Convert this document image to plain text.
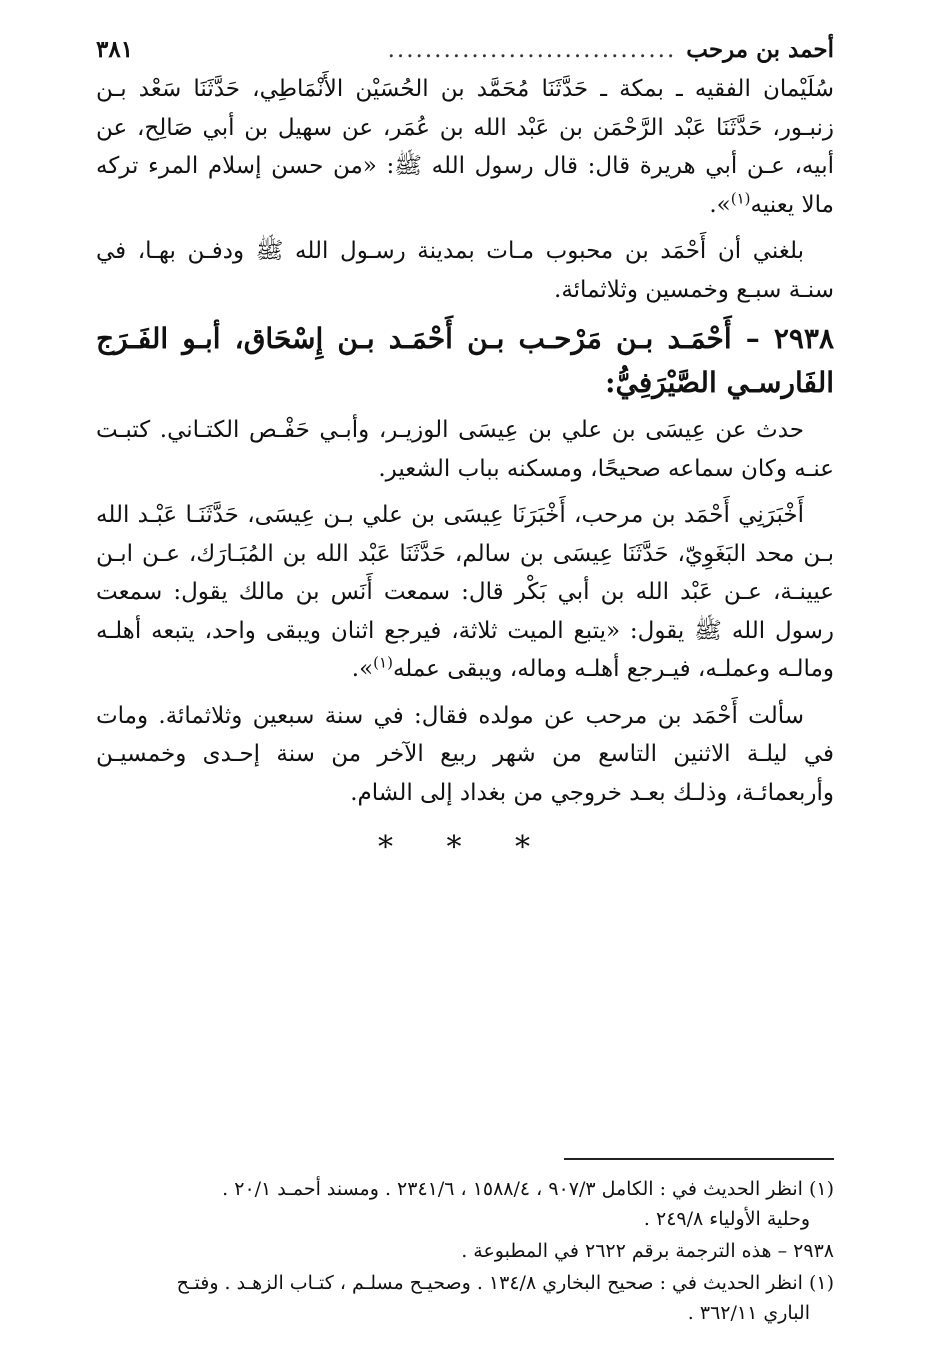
أحمد بن مرحب
...............................
٣٨١

سُلَيْمان الفقيه ـ بمكة ـ حَدَّثَنَا مُحَمَّد بن الحُسَيْن الأَنْمَاطِي، حَدَّثَنَا سَعْد بـن زنبـور، حَدَّثَنَا عَبْد الرَّحْمَن بن عَبْد الله بن عُمَر، عن سهيل بن أبي صَالِح، عن أبيه، عـن أبي هريرة قال: قال رسول الله ﷺ: «من حسن إسلام المرء تركه مالا يعنيه$^{(١)}$».

بلغني أن أَحْمَد بن محبوب مـات بمدينة رسـول الله ﷺ ودفـن بهـا، في سنـة سبـع وخمسين وثلاثمائة.

٢٩٣٨ – أَحْمَـد بـن مَرْحـب بـن أَحْمَـد بـن إِسْحَاق، أبـو الفَـرَج الفَارسـي الصَّيْرَفِيُّ:

حدث عن عِيسَى بن علي بن عِيسَى الوزيـر، وأبـي حَفْـص الكتـاني. كتبـت عنـه وكان سماعه صحيحًا، ومسكنه بباب الشعير.

أَخْبَرَنِي أَحْمَد بن مرحب، أَخْبَرَنَا عِيسَى بن علي بـن عِيسَى، حَدَّثَنَـا عَبْـد الله بـن محد البَغَوِيّ، حَدَّثَنَا عِيسَى بن سالم، حَدَّثَنَا عَبْد الله بن المُبَـارَك، عـن ابـن عيينـة، عـن عَبْد الله بن أبي بَكْر قال: سمعت أَنَس بن مالك يقول: سمعت رسول الله ﷺ يقول: «يتبع الميت ثلاثة، فيرجع اثنان ويبقى واحد، يتبعه أهلـه ومالـه وعملـه، فيـرجع أهلـه وماله، ويبقى عمله$^{(١)}$».

سألت أَحْمَد بن مرحب عن مولده فقال: في سنة سبعين وثلاثمائة. ومات في ليلـة الاثنين التاسع من شهر ربيع الآخر من سنة إحـدى وخمسيـن وأربعمائـة، وذلـك بعـد خروجي من بغداد إلى الشام.

* * *

(١) انظر الحديث في : الكامل ٩٠٧/٣ ، ١٥٨٨/٤ ، ٢٣٤١/٦ . ومسند أحمـد ٢٠/١ .
وحلية الأولياء ٢٤٩/٨ .

٢٩٣٨ – هذه الترجمة برقم ٢٦٢٢ في المطبوعة .

(١) انظر الحديث في : صحيح البخاري ١٣٤/٨ . وصحيـح مسلـم ، كتـاب الزهـد . وفتـح
الباري ٣٦٢/١١ .
